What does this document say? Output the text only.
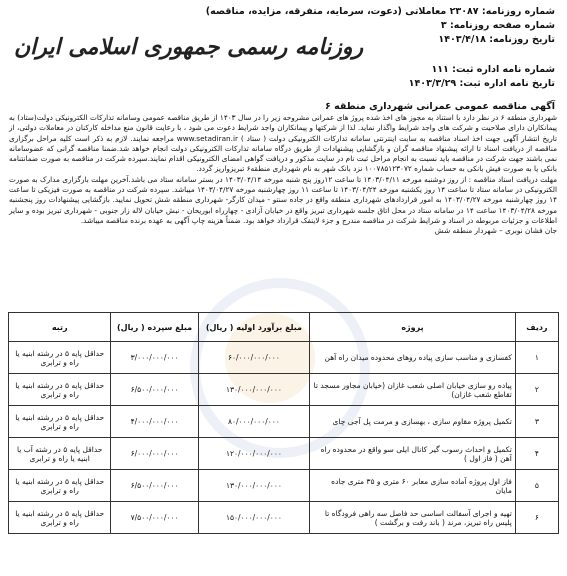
شماره روزنامه: ۲۳۰۸۷ معاملاتی (دعوت، سرمایه، متفرقه، مزایده، مناقصه)
شماره صفحه روزنامه: ۳
تاریخ روزنامه: ۱۴۰۳/۴/۱۸
روزنامه رسمی جمهوری اسلامی ایران
شماره نامه اداره ثبت: ۱۱۱
تاریخ نامه اداره ثبت: ۱۴۰۳/۳/۲۹
آگهی مناقصه عمومی عمرانی شهرداری منطقه ۶

شهرداری منطقه ۶ در نظر دارد با استناد به مجوز های اخذ شده پروژ های عمرانی مشروحه زیر را در سال ۱۴۰۳ از طریق مناقصه عمومی وسامانه تدارکات الکترونیکی دولت(ستاد) به پیمانکاران دارای صلاحیت و شرکت های واجد شرایط واگذار نماید. لذا از شرکتها و پیمانکاران واجد شرایط دعوت می شود ، با رعایت قانون منع مداخله کارکنان در معاملات دولتی، از تاریخ انتشار آگهی جهت اخذ اسناد مناقصه به سایت اینترنتی سامانه تدارکات الکترونیکی دولت ( ستاد ) www.setadiran.ir مراجعه نمایند. لازم به ذکر است کلیه مراحل برگزاری مناقصه از دریافت اسناد تا ارائه پیشنهاد مناقصه گران و بازگشایی پیشنهادات از طریق درگاه سامانه تدارکات الکترونیکی دولت انجام خواهد شد.ضمنا مناقصه گرانی که عضوسامانه نمی باشند جهت شرکت در مناقصه باید نسبت به انجام مراحل ثبت نام در سایت مذکور و دریافت گواهی امضای الکترونیکی اقدام نمایند.سپرده شرکت در مناقصه به صورت ضمانتنامه بانکی یا به صورت فیش بانکی به حساب شماره ۱۰۰۷۸۵۱۲۳۰۷۲ نزد بانک شهر به نام شهرداری منطقه۶ تبریزواریز گردد.

مهلت دریافت اسناد مناقصه : از روز دوشنبه مورخه ۱۴۰۳/۰۴/۱۱ تا ساعت ۱۲روز پنج شنبه مورخه ۱۴۰۳/۰۴/۱۴ در بستر سامانه ستاد می باشد.آخرین مهلت بارگزاری مدارک به صورت الکترونیکی در سامانه ستاد تا ساعت ۱۴ روز یکشنبه مورخه ۱۴۰۳/۰۴/۲۴ تا ساعت ۱۱ روز چهارشنبه مورخه ۱۴۰۳/۰۴/۲۷ میباشد. سپرده شرکت در مناقصه به صورت فیزیکی تا ساعت ۱۴ روز چهارشنبه مورخه ۱۴۰۳/۰۴/۲۷ به امور قراردادهای شهرداری منطقه واقع در جاده سنتو - میدان کارگر- شهرداری منطقه شش تحویل نمایید. بازگشایی پیشنهادات روز پنجشنبه مورخه ۱۴۰۳/۰۴/۲۸ ساعت ۱۴ در سامانه ستاد در محل اتاق جلسه شهرداری تبریز واقع در خیابان آزادی - چهارراه ابوریحان - نبش خیابان لاله زار جنوبی - شهرداری تبریز بوده و سایر اطلاعات و جزئیات مربوطه در اسناد و شرایط شرکت در مناقصه مندرج و جزء لاینفک قرارداد خواهد بود. ضمناً هزینه چاپ آگهی به عهده برنده مناقصه میباشد.

جان فشان نوبری – شهردار منطقه شش

ردیف	پروژه	مبلغ برآورد اولیه ( ریال)	مبلغ سپرده ( ریال)	رتبه
۱	کفسازی و مناسب سازی پیاده روهای محدوده میدان راه آهن	۶۰/۰۰۰/۰۰۰/۰۰۰	۳/۰۰۰/۰۰۰/۰۰۰	حداقل پایه ۵ در رشته ابنیه یا راه و ترابری
۲	پیاده رو سازی خیابان اصلی شعب غازان (خیابان مجاور مسجد تا تقاطع شعب غازان)	۱۳۰/۰۰۰/۰۰۰/۰۰۰	۶/۵۰۰/۰۰۰/۰۰۰	حداقل پایه ۵ در رشته ابنیه یا راه و ترابری
۳	تکمیل پروژه مقاوم سازی ، بهسازی و مرمت پل آجی چای	۸۰/۰۰۰/۰۰۰/۰۰۰	۴/۰۰۰/۰۰۰/۰۰۰	حداقل پایه ۵ در رشته ابنیه یا راه و ترابری
۴	تکمیل و احداث رسوب گیر کانال ایلی سو واقع در محدوده راه آهن ( فاز اول )	۱۲۰/۰۰۰/۰۰۰/۰۰۰	۶/۰۰۰/۰۰۰/۰۰۰	حداقل پایه ۵ در رشته آب یا ابنیه یا راه و ترابری
۵	فاز اول پروژه آماده سازی معابر ۶۰ متری و ۳۵ متری جاده مایان	۱۳۰/۰۰۰/۰۰۰/۰۰۰	۶/۵۰۰/۰۰۰/۰۰۰	حداقل پایه ۵ در رشته ابنیه یا راه و ترابری
۶	تهیه و اجرای آسفالت اساسی حد فاصل سه راهی فرودگاه تا پلیس راه تبریز، مرند ( باند رفت و برگشت )	۱۵۰/۰۰۰/۰۰۰/۰۰۰	۷/۵۰۰/۰۰۰/۰۰۰	حداقل پایه ۵ در رشته ابنیه یا راه و ترابری
